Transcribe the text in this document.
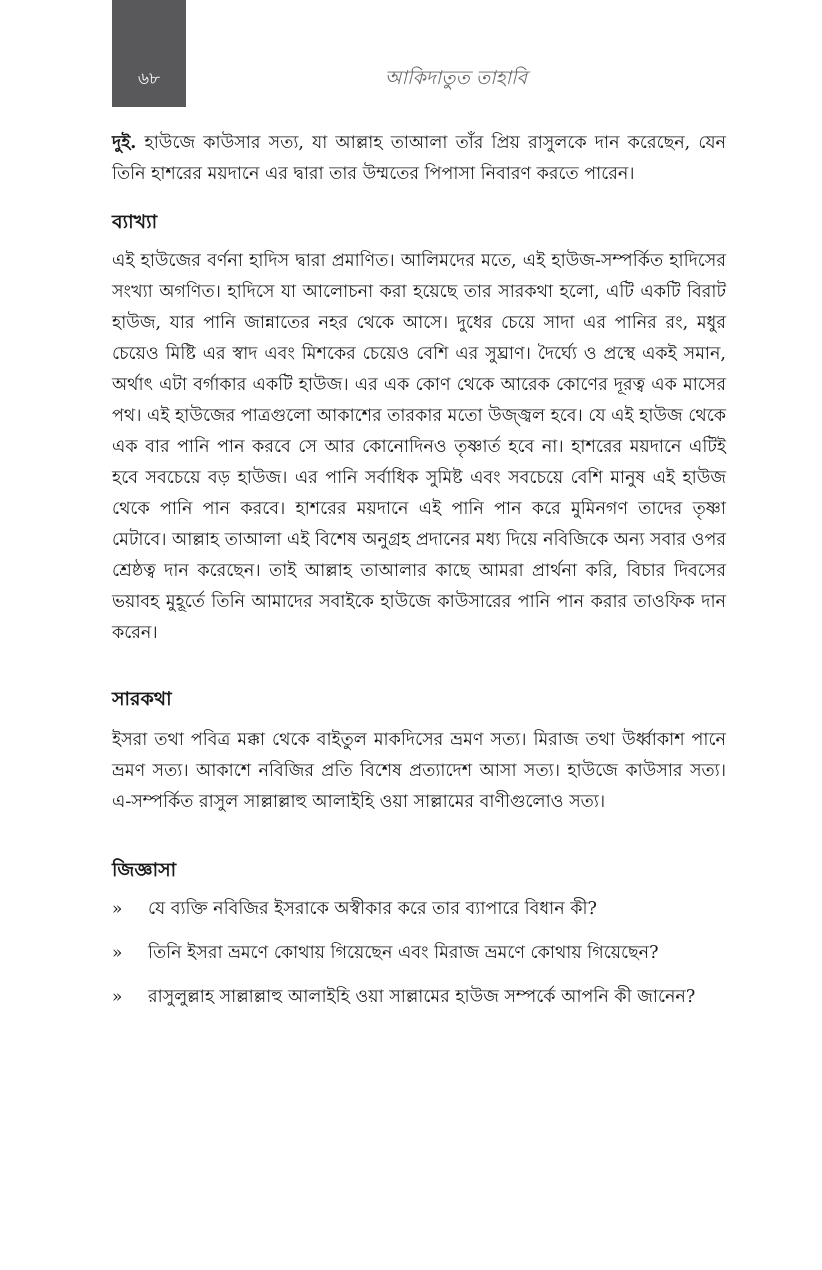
৬৮	আকিদাতুত তাহাবি

দুই. হাউজে কাউসার সত্য, যা আল্লাহ তাআলা তাঁর প্রিয় রাসুলকে দান করেছেন, যেন তিনি হাশরের ময়দানে এর দ্বারা তার উম্মতের পিপাসা নিবারণ করতে পারেন।

ব্যাখ্যা

এই হাউজের বর্ণনা হাদিস দ্বারা প্রমাণিত। আলিমদের মতে, এই হাউজ-সম্পর্কিত হাদিসের সংখ্যা অগণিত। হাদিসে যা আলোচনা করা হয়েছে তার সারকথা হলো, এটি একটি বিরাট হাউজ, যার পানি জান্নাতের নহর থেকে আসে। দুধের চেয়ে সাদা এর পানির রং, মধুর চেয়েও মিষ্টি এর স্বাদ এবং মিশকের চেয়েও বেশি এর সুঘ্রাণ। দৈর্ঘ্যে ও প্রস্থে একই সমান, অর্থাৎ এটা বর্গাকার একটি হাউজ। এর এক কোণ থেকে আরেক কোণের দূরত্ব এক মাসের পথ। এই হাউজের পাত্রগুলো আকাশের তারকার মতো উজ্জ্বল হবে। যে এই হাউজ থেকে এক বার পানি পান করবে সে আর কোনোদিনও তৃষ্ণার্ত হবে না। হাশরের ময়দানে এটিই হবে সবচেয়ে বড় হাউজ। এর পানি সর্বাধিক সুমিষ্ট এবং সবচেয়ে বেশি মানুষ এই হাউজ থেকে পানি পান করবে। হাশরের ময়দানে এই পানি পান করে মুমিনগণ তাদের তৃষ্ণা মেটাবে। আল্লাহ তাআলা এই বিশেষ অনুগ্রহ প্রদানের মধ্য দিয়ে নবিজিকে অন্য সবার ওপর শ্রেষ্ঠত্ব দান করেছেন। তাই আল্লাহ তাআলার কাছে আমরা প্রার্থনা করি, বিচার দিবসের ভয়াবহ মুহূর্তে তিনি আমাদের সবাইকে হাউজে কাউসারের পানি পান করার তাওফিক দান করেন।

সারকথা

ইসরা তথা পবিত্র মক্কা থেকে বাইতুল মাকদিসের ভ্রমণ সত্য। মিরাজ তথা উর্ধ্বাকাশ পানে ভ্রমণ সত্য। আকাশে নবিজির প্রতি বিশেষ প্রত্যাদেশ আসা সত্য। হাউজে কাউসার সত্য। এ-সম্পর্কিত রাসুল সাল্লাল্লাহু আলাইহি ওয়া সাল্লামের বাণীগুলোও সত্য।

জিজ্ঞাসা
»	যে ব্যক্তি নবিজির ইসরাকে অস্বীকার করে তার ব্যাপারে বিধান কী?
»	তিনি ইসরা ভ্রমণে কোথায় গিয়েছেন এবং মিরাজ ভ্রমণে কোথায় গিয়েছেন?
»	রাসুলুল্লাহ সাল্লাল্লাহু আলাইহি ওয়া সাল্লামের হাউজ সম্পর্কে আপনি কী জানেন?
